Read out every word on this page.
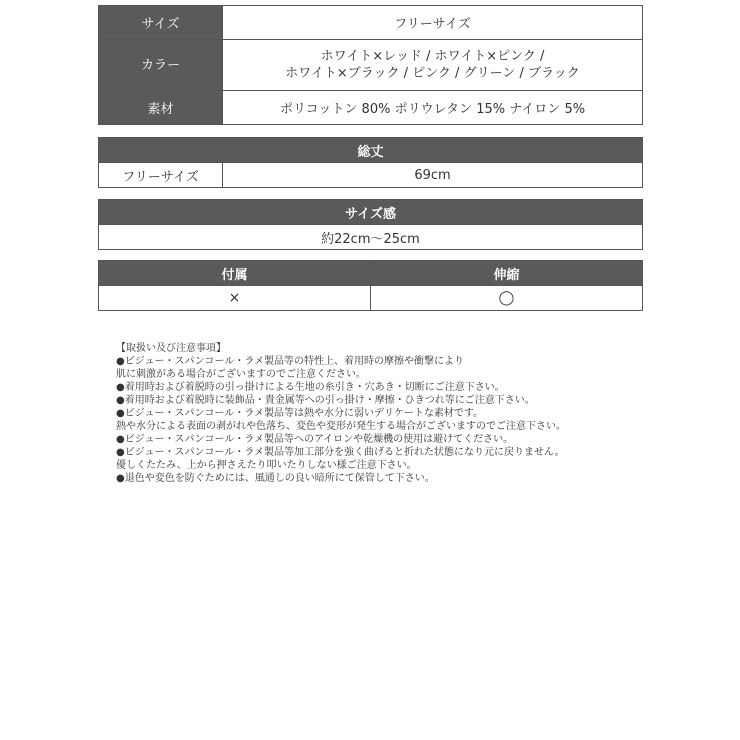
サイズ	フリーサイズ
カラー	ホワイト×レッド / ホワイト×ピンク /
ホワイト×ブラック / ピンク / グリーン / ブラック

素材	ポリコットン 80% ポリウレタン 15% ナイロン 5%
総丈
フリーサイズ	69cm
サイズ感
約22cm～25cm
付属	伸縮
×	◯
【取扱い及び注意事項】
●ビジュー・スパンコール・ラメ製品等の特性上、着用時の摩擦や衝撃により
肌に刺激がある場合がございますのでご注意ください。
●着用時および着脱時の引っ掛けによる生地の糸引き・穴あき・切断にご注意下さい。
●着用時および着脱時に装飾品・貴金属等への引っ掛け・摩擦・ひきつれ等にご注意下さい。
●ビジュー・スパンコール・ラメ製品等は熱や水分に弱いデリケートな素材です。
熱や水分による表面の剥がれや色落ち、変色や変形が発生する場合がございますのでご注意下さい。
●ビジュー・スパンコール・ラメ製品等へのアイロンや乾燥機の使用は避けてください。
●ビジュー・スパンコール・ラメ製品等加工部分を強く曲げると折れた状態になり元に戻りません。
優しくたたみ、上から押さえたり叩いたりしない様ご注意下さい。
●退色や変色を防ぐためには、風通しの良い暗所にて保管して下さい。
